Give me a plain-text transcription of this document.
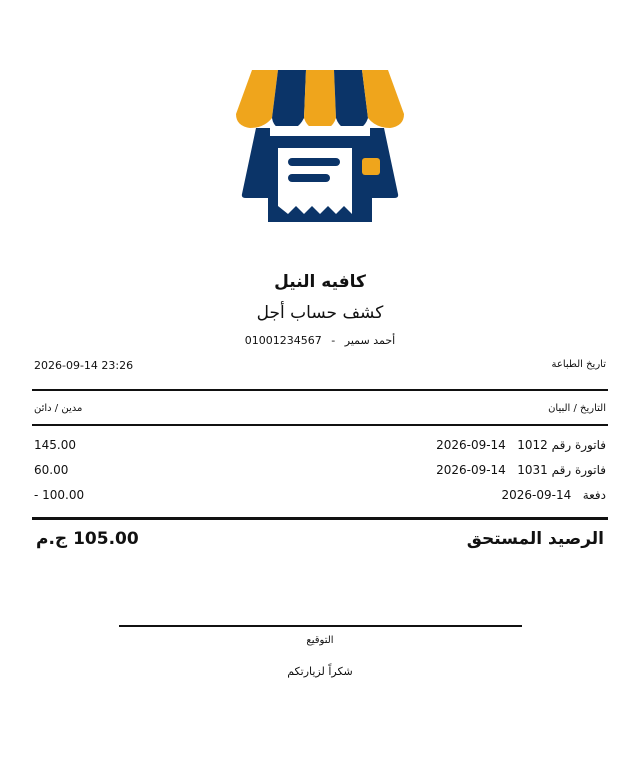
كافيه النيل
كشف حساب أجل
01001234567 - أحمد سمير
تاريخ الطباعة
2026-09-14 23:26
التاريخ / البيان
مدين / دائن
فاتورة رقم 1012   2026-09-14
145.00
فاتورة رقم 1031   2026-09-14
60.00
دفعة   2026-09-14
- 100.00
الرصيد المستحق
105.00 ج.م
التوقيع
شكراً لزيارتكم
